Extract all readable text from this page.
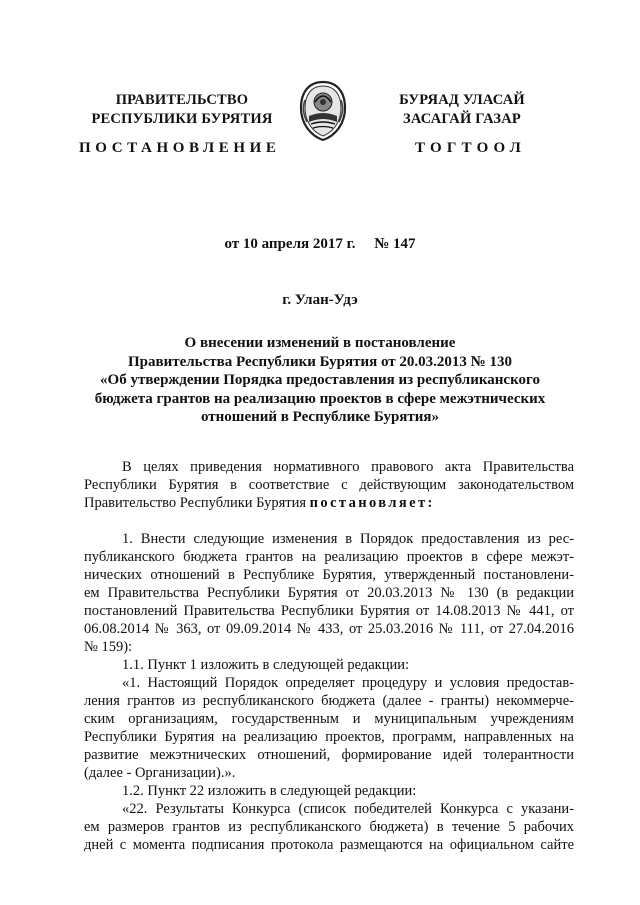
ПРАВИТЕЛЬСТВО
РЕСПУБЛИКИ БУРЯТИЯ
БУРЯАД УЛАСАЙ
ЗАСАГАЙ ГАЗАР
ПОСТАНОВЛЕНИЕ	ТОГТООЛ
от 10 апреля 2017 г.     № 147
г. Улан-Удэ
О внесении изменений в постановление
Правительства Республики Бурятия от 20.03.2013 № 130
«Об утверждении Порядка предоставления из республиканского
бюджета грантов на реализацию проектов в сфере межэтнических
отношений в Республике Бурятия»
В целях приведения нормативного правового акта Правительства
Республики Бурятия в соответствие с действующим законодательством
Правительство Республики Бурятия постановляет:
1. Внести следующие изменения в Порядок предоставления из рес-
публиканского бюджета грантов на реализацию проектов в сфере межэт-
нических отношений в Республике Бурятия, утвержденный постановлени-
ем Правительства Республики Бурятия от 20.03.2013 № 130 (в редакции
постановлений Правительства Республики Бурятия от 14.08.2013 № 441, от
06.08.2014 № 363, от 09.09.2014 № 433, от 25.03.2016 № 111, от 27.04.2016
№ 159):
1.1. Пункт 1 изложить в следующей редакции:
«1. Настоящий Порядок определяет процедуру и условия предостав-
ления грантов из республиканского бюджета (далее - гранты) некоммерче-
ским организациям, государственным и муниципальным учреждениям
Республики Бурятия на реализацию проектов, программ, направленных на
развитие межэтнических отношений, формирование идей толерантности
(далее - Организации).».
1.2. Пункт 22 изложить в следующей редакции:
«22. Результаты Конкурса (список победителей Конкурса с указани-
ем размеров грантов из республиканского бюджета) в течение 5 рабочих
дней с момента подписания протокола размещаются на официальном сайте
